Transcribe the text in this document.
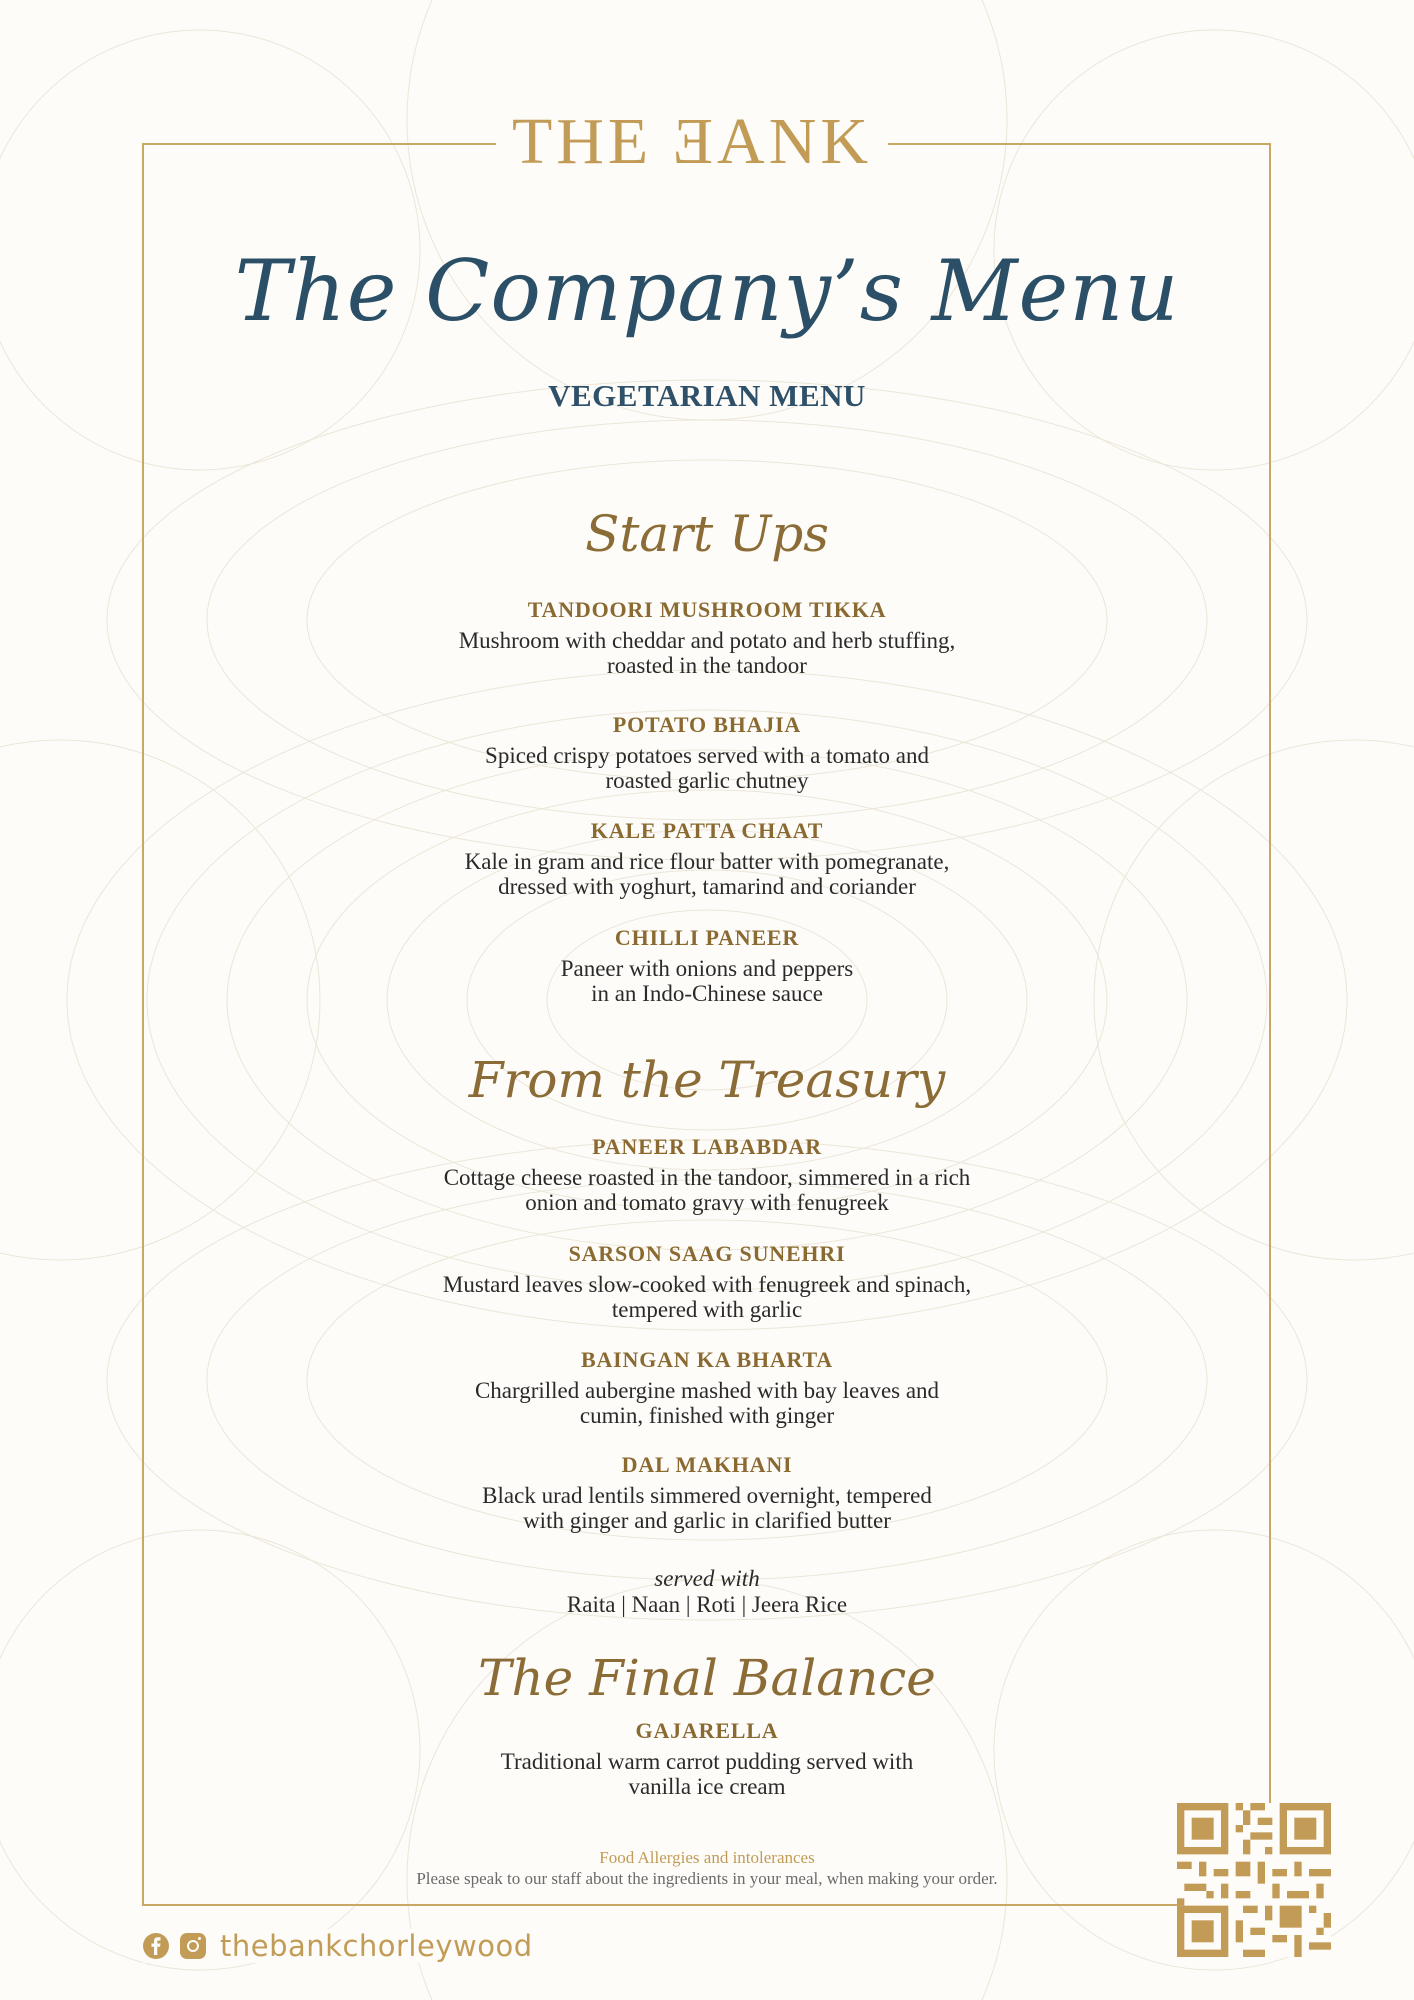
THE ƎANK
The Company’s Menu
VEGETARIAN MENU
Start Ups
TANDOORI MUSHROOM TIKKA
Mushroom with cheddar and potato and herb stuffing,
roasted in the tandoor
POTATO BHAJIA
Spiced crispy potatoes served with a tomato and
roasted garlic chutney
KALE PATTA CHAAT
Kale in gram and rice flour batter with pomegranate,
dressed with yoghurt, tamarind and coriander
CHILLI PANEER
Paneer with onions and peppers
in an Indo-Chinese sauce
From the Treasury
PANEER LABABDAR
Cottage cheese roasted in the tandoor, simmered in a rich
onion and tomato gravy with fenugreek
SARSON SAAG SUNEHRI
Mustard leaves slow-cooked with fenugreek and spinach,
tempered with garlic
BAINGAN KA BHARTA
Chargrilled aubergine mashed with bay leaves and
cumin, finished with ginger
DAL MAKHANI
Black urad lentils simmered overnight, tempered
with ginger and garlic in clarified butter
served with
Raita | Naan | Roti | Jeera Rice
The Final Balance
GAJARELLA
Traditional warm carrot pudding served with
vanilla ice cream
Food Allergies and intolerances
Please speak to our staff about the ingredients in your meal, when making your order.
thebankchorleywood
